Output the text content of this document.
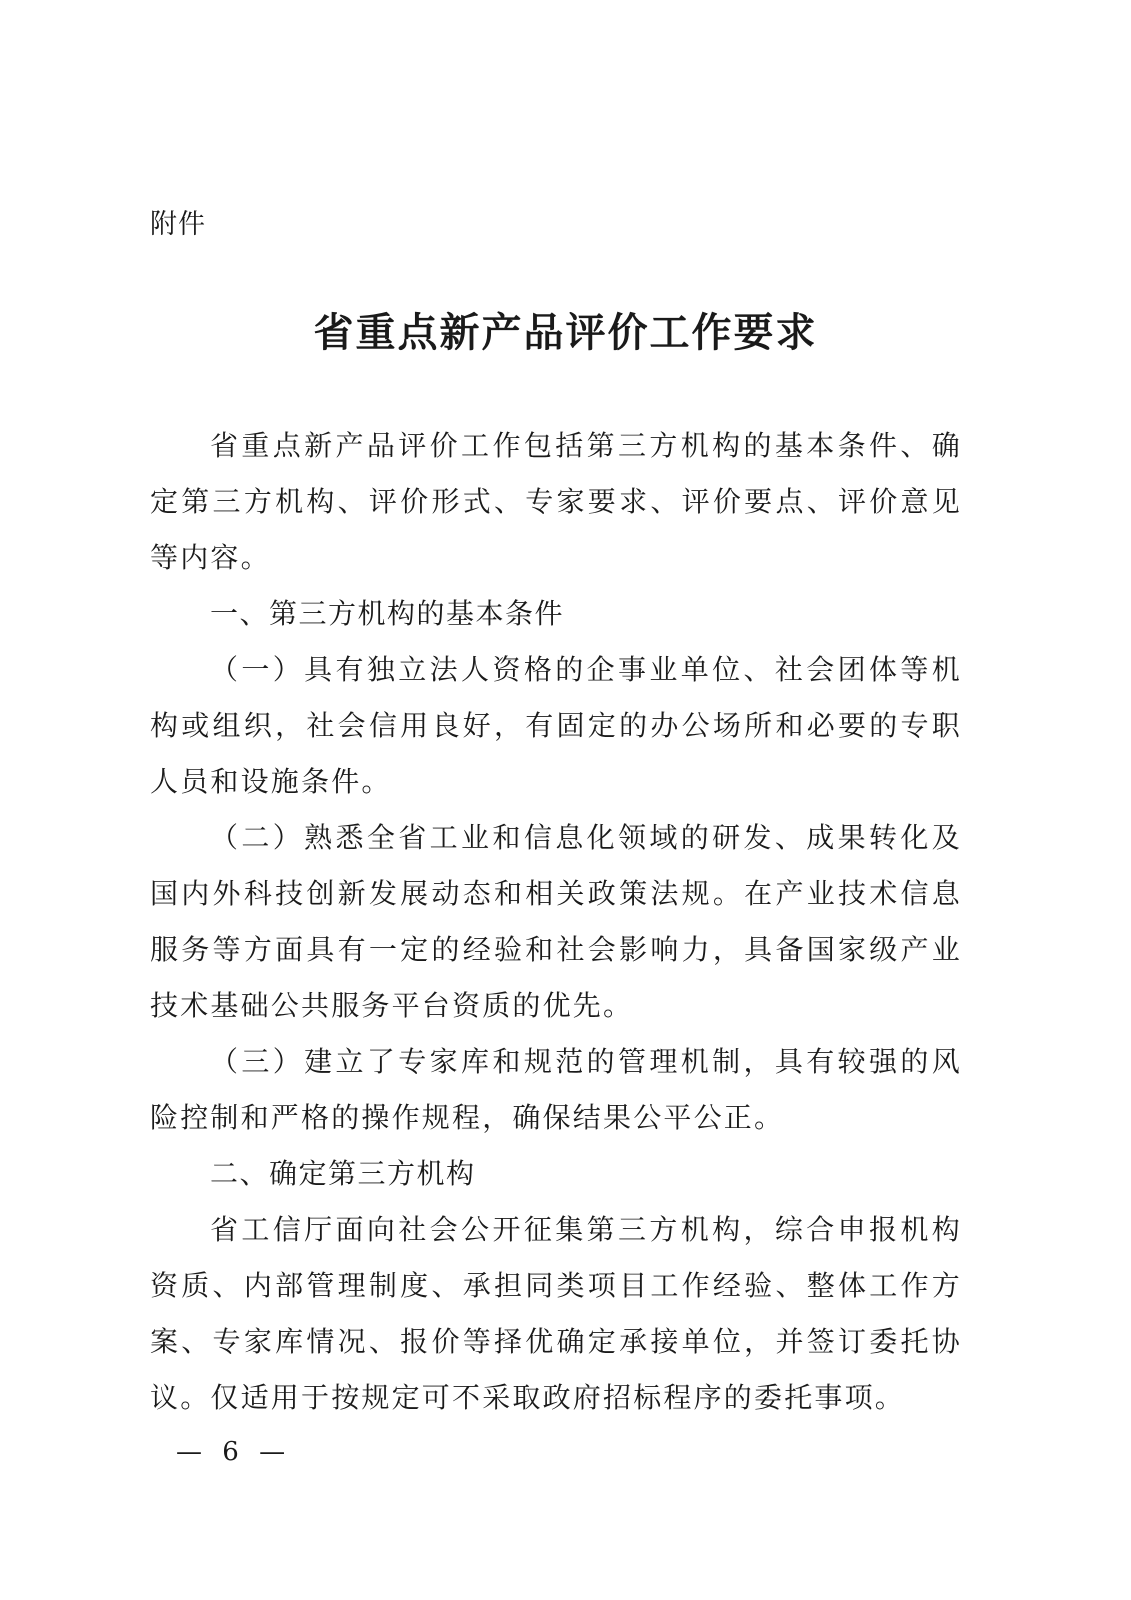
附件
省重点新产品评价工作要求

省重点新产品评价工作包括第三方机构的基本条件、确定第三方机构、评价形式、专家要求、评价要点、评价意见等内容。

一、第三方机构的基本条件

（一）具有独立法人资格的企事业单位、社会团体等机构或组织，社会信用良好，有固定的办公场所和必要的专职人员和设施条件。

（二）熟悉全省工业和信息化领域的研发、成果转化及国内外科技创新发展动态和相关政策法规。在产业技术信息服务等方面具有一定的经验和社会影响力，具备国家级产业技术基础公共服务平台资质的优先。

（三）建立了专家库和规范的管理机制，具有较强的风险控制和严格的操作规程，确保结果公平公正。

二、确定第三方机构

省工信厅面向社会公开征集第三方机构，综合申报机构资质、内部管理制度、承担同类项目工作经验、整体工作方案、专家库情况、报价等择优确定承接单位，并签订委托协议。仅适用于按规定可不采取政府招标程序的委托事项。

— 6 —
